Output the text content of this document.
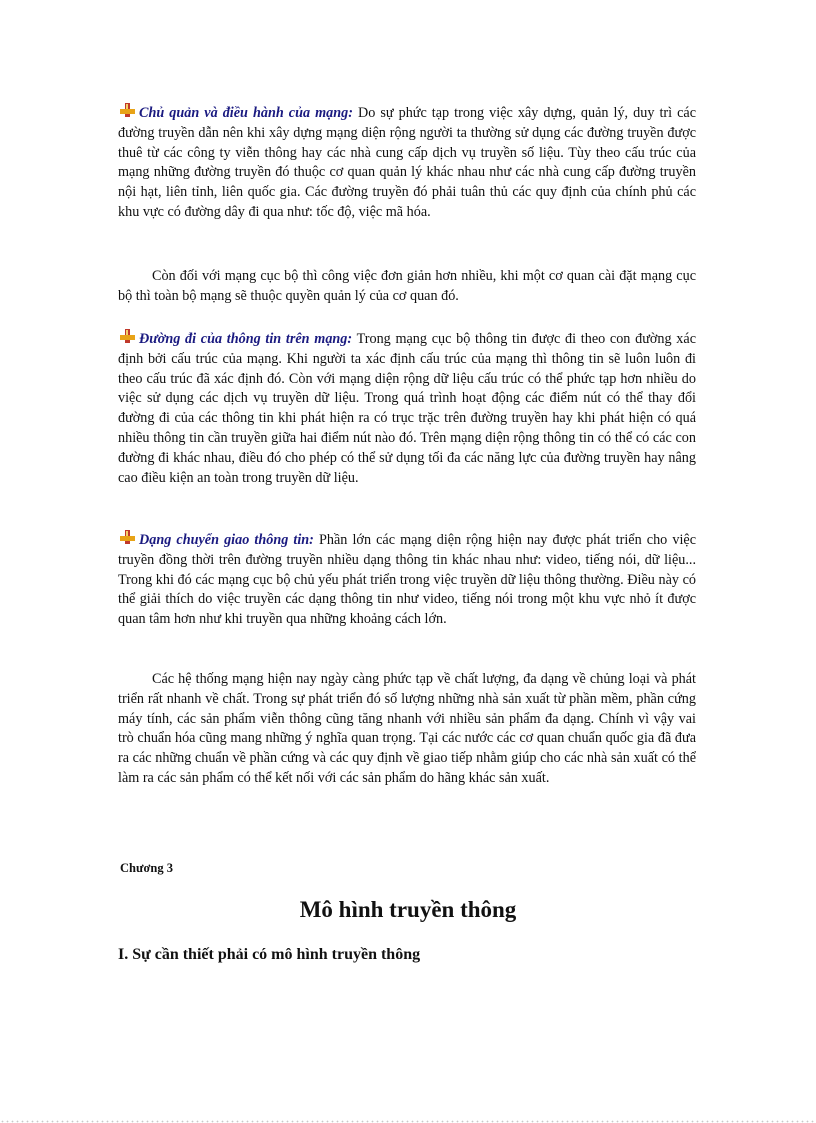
Chủ quản và điều hành của mạng: Do sự phức tạp trong việc xây dựng, quản lý, duy trì các đường truyền dẫn nên khi xây dựng mạng diện rộng người ta thường sử dụng các đường truyền được thuê từ các công ty viễn thông hay các nhà cung cấp dịch vụ truyền số liệu. Tùy theo cấu trúc của mạng những đường truyền đó thuộc cơ quan quản lý khác nhau như các nhà cung cấp đường truyền nội hạt, liên tỉnh, liên quốc gia. Các đường truyền đó phải tuân thủ các quy định của chính phủ các khu vực có đường dây đi qua như: tốc độ, việc mã hóa.

Còn đối với mạng cục bộ thì công việc đơn giản hơn nhiều, khi một cơ quan cài đặt mạng cục bộ thì toàn bộ mạng sẽ thuộc quyền quản lý của cơ quan đó.

Đường đi của thông tin trên mạng: Trong mạng cục bộ thông tin được đi theo con đường xác định bởi cấu trúc của mạng. Khi người ta xác định cấu trúc của mạng thì thông tin sẽ luôn luôn đi theo cấu trúc đã xác định đó. Còn với mạng diện rộng dữ liệu cấu trúc có thể phức tạp hơn nhiều do việc sử dụng các dịch vụ truyền dữ liệu. Trong quá trình hoạt động các điểm nút có thể thay đổi đường đi của các thông tin khi phát hiện ra có trục trặc trên đường truyền hay khi phát hiện có quá nhiều thông tin cần truyền giữa hai điểm nút nào đó. Trên mạng diện rộng thông tin có thể có các con đường đi khác nhau, điều đó cho phép có thể sử dụng tối đa các năng lực của đường truyền hay nâng cao điều kiện an toàn trong truyền dữ liệu.

Dạng chuyển giao thông tin: Phần lớn các mạng diện rộng hiện nay được phát triển cho việc truyền đồng thời trên đường truyền nhiều dạng thông tin khác nhau như: video, tiếng nói, dữ liệu... Trong khi đó các mạng cục bộ chủ yếu phát triển trong việc truyền dữ liệu thông thường. Điều này có thể giải thích do việc truyền các dạng thông tin như video, tiếng nói trong một khu vực nhỏ ít được quan tâm hơn như khi truyền qua những khoảng cách lớn.

Các hệ thống mạng hiện nay ngày càng phức tạp về chất lượng, đa dạng về chủng loại và phát triển rất nhanh về chất. Trong sự phát triển đó số lượng những nhà sản xuất từ phần mềm, phần cứng máy tính, các sản phẩm viễn thông cũng tăng nhanh với nhiều sản phẩm đa dạng. Chính vì vậy vai trò chuẩn hóa cũng mang những ý nghĩa quan trọng. Tại các nước các cơ quan chuẩn quốc gia đã đưa ra các những chuẩn về phần cứng và các quy định về giao tiếp nhằm giúp cho các nhà sản xuất có thể làm ra các sản phẩm có thể kết nối với các sản phẩm do hãng khác sản xuất.

Chương 3
Mô hình truyền thông
I. Sự cần thiết phải có mô hình truyền thông
